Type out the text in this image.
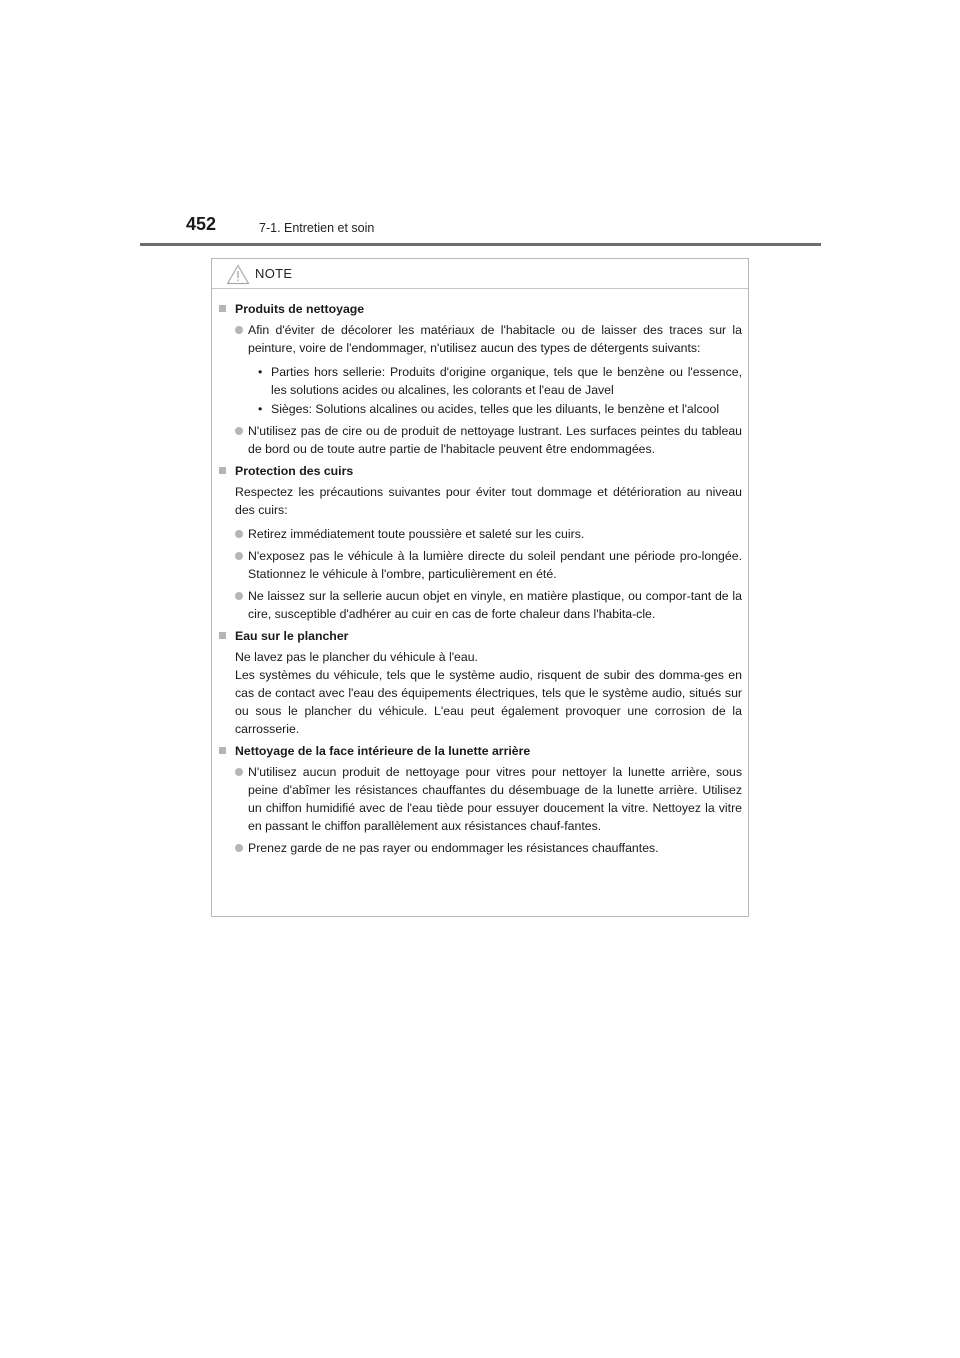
452	7-1. Entretien et soin
NOTE
Produits de nettoyage
Afin d'éviter de décolorer les matériaux de l'habitacle ou de laisser des traces sur la peinture, voire de l'endommager, n'utilisez aucun des types de détergents suivants:
• Parties hors sellerie: Produits d'origine organique, tels que le benzène ou l'essence, les solutions acides ou alcalines, les colorants et l'eau de Javel
• Sièges: Solutions alcalines ou acides, telles que les diluants, le benzène et l'alcool
N'utilisez pas de cire ou de produit de nettoyage lustrant. Les surfaces peintes du tableau de bord ou de toute autre partie de l'habitacle peuvent être endommagées.
Protection des cuirs
Respectez les précautions suivantes pour éviter tout dommage et détérioration au niveau des cuirs:
Retirez immédiatement toute poussière et saleté sur les cuirs.
N'exposez pas le véhicule à la lumière directe du soleil pendant une période pro-longée. Stationnez le véhicule à l'ombre, particulièrement en été.
Ne laissez sur la sellerie aucun objet en vinyle, en matière plastique, ou compor-tant de la cire, susceptible d'adhérer au cuir en cas de forte chaleur dans l'habita-cle.
Eau sur le plancher
Ne lavez pas le plancher du véhicule à l'eau.
Les systèmes du véhicule, tels que le système audio, risquent de subir des domma-ges en cas de contact avec l'eau des équipements électriques, tels que le système audio, situés sur ou sous le plancher du véhicule. L'eau peut également provoquer une corrosion de la carrosserie.
Nettoyage de la face intérieure de la lunette arrière
N'utilisez aucun produit de nettoyage pour vitres pour nettoyer la lunette arrière, sous peine d'abîmer les résistances chauffantes du désembuage de la lunette arrière. Utilisez un chiffon humidifié avec de l'eau tiède pour essuyer doucement la vitre. Nettoyez la vitre en passant le chiffon parallèlement aux résistances chauf-fantes.
Prenez garde de ne pas rayer ou endommager les résistances chauffantes.
